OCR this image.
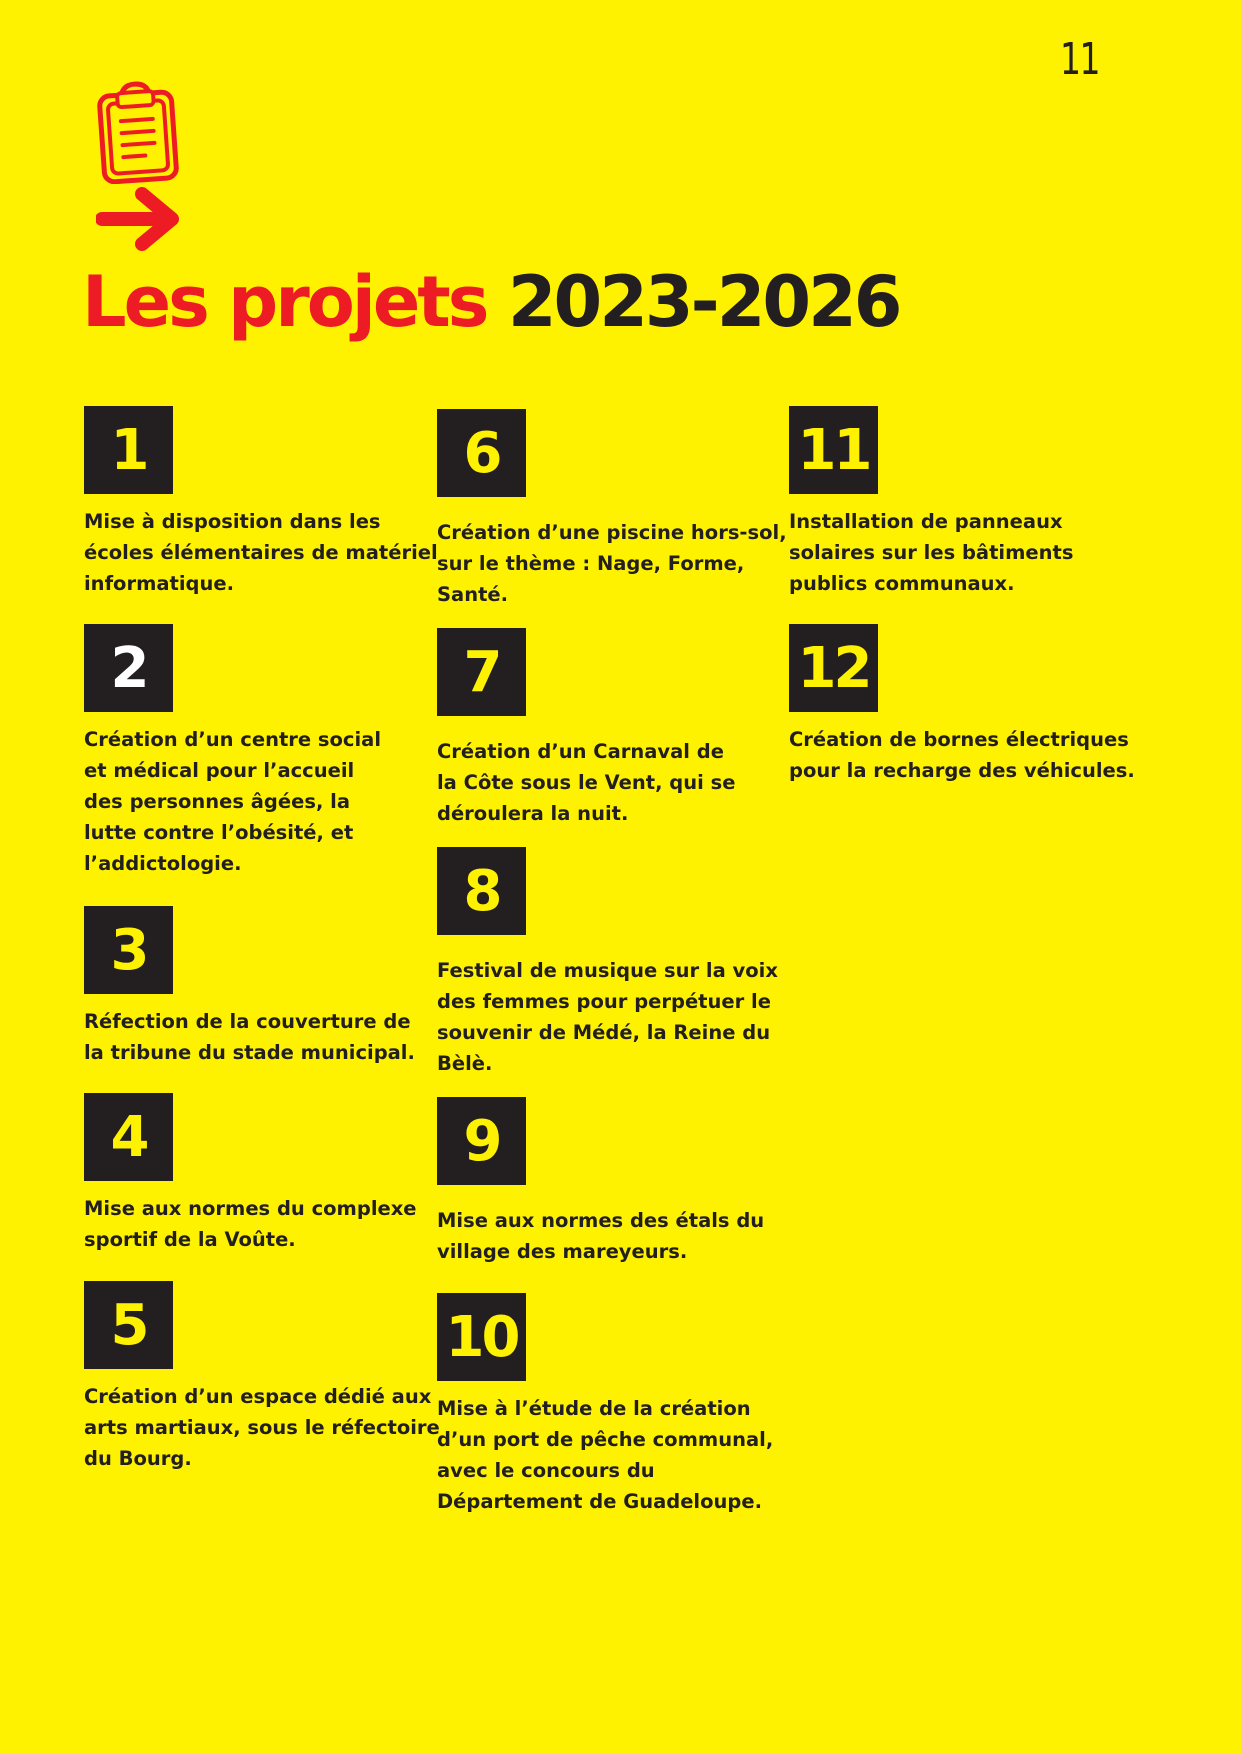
11
Les projets 2023-2026
1
Mise à disposition dans les
écoles élémentaires de matériel
informatique.
2
Création d’un centre social
et médical pour l’accueil
des personnes âgées, la
lutte contre l’obésité, et
l’addictologie.
3
Réfection de la couverture de
la tribune du stade municipal.
4
Mise aux normes du complexe
sportif de la Voûte.
5
Création d’un espace dédié aux
arts martiaux, sous le réfectoire
du Bourg.
6
Création d’une piscine hors-sol,
sur le thème : Nage, Forme,
Santé.
7
Création d’un Carnaval de
la Côte sous le Vent, qui se
déroulera la nuit.
8
Festival de musique sur la voix
des femmes pour perpétuer le
souvenir de Médé, la Reine du
Bèlè.
9
Mise aux normes des étals du
village des mareyeurs.
10
Mise à l’étude de la création
d’un port de pêche communal,
avec le concours du
Département de Guadeloupe.
11
Installation de panneaux
solaires sur les bâtiments
publics communaux.
12
Création de bornes électriques
pour la recharge des véhicules.
